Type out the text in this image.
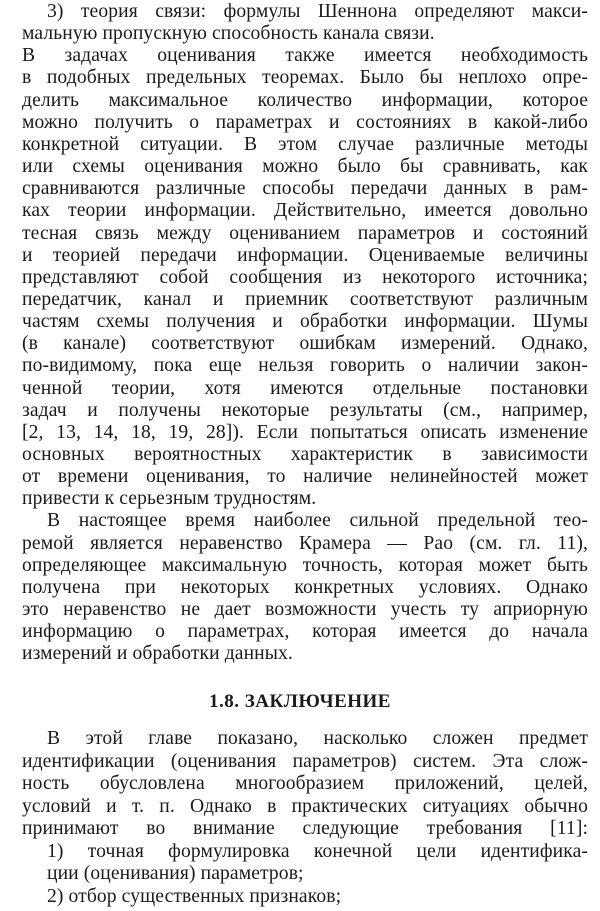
3) теория связи: формулы Шеннона определяют макси-
мальную пропускную способность канала связи.
В задачах оценивания также имеется необходимость
в подобных предельных теоремах. Было бы неплохо опре-
делить максимальное количество информации, которое
можно получить о параметрах и состояниях в какой-либо
конкретной ситуации. В этом случае различные методы
или схемы оценивания можно было бы сравнивать, как
сравниваются различные способы передачи данных в рам-
ках теории информации. Действительно, имеется довольно
тесная связь между оцениванием параметров и состояний
и теорией передачи информации. Оцениваемые величины
представляют собой сообщения из некоторого источника;
передатчик, канал и приемник соответствуют различным
частям схемы получения и обработки информации. Шумы
(в канале) соответствуют ошибкам измерений. Однако,
по-видимому, пока еще нельзя говорить о наличии закон-
ченной теории, хотя имеются отдельные постановки
задач и получены некоторые результаты (см., например,
[2, 13, 14, 18, 19, 28]). Если попытаться описать изменение
основных вероятностных характеристик в зависимости
от времени оценивания, то наличие нелинейностей может
привести к серьезным трудностям.
В настоящее время наиболее сильной предельной тео-
ремой является неравенство Крамера — Рао (см. гл. 11),
определяющее максимальную точность, которая может быть
получена при некоторых конкретных условиях. Однако
это неравенство не дает возможности учесть ту априорную
информацию о параметрах, которая имеется до начала
измерений и обработки данных.
1.8. ЗАКЛЮЧЕНИЕ
В этой главе показано, насколько сложен предмет
идентификации (оценивания параметров) систем. Эта слож-
ность обусловлена многообразием приложений, целей,
условий и т. п. Однако в практических ситуациях обычно
принимают во внимание следующие требования [11]:
1) точная формулировка конечной цели идентифика-
ции (оценивания) параметров;
2) отбор существенных признаков;
